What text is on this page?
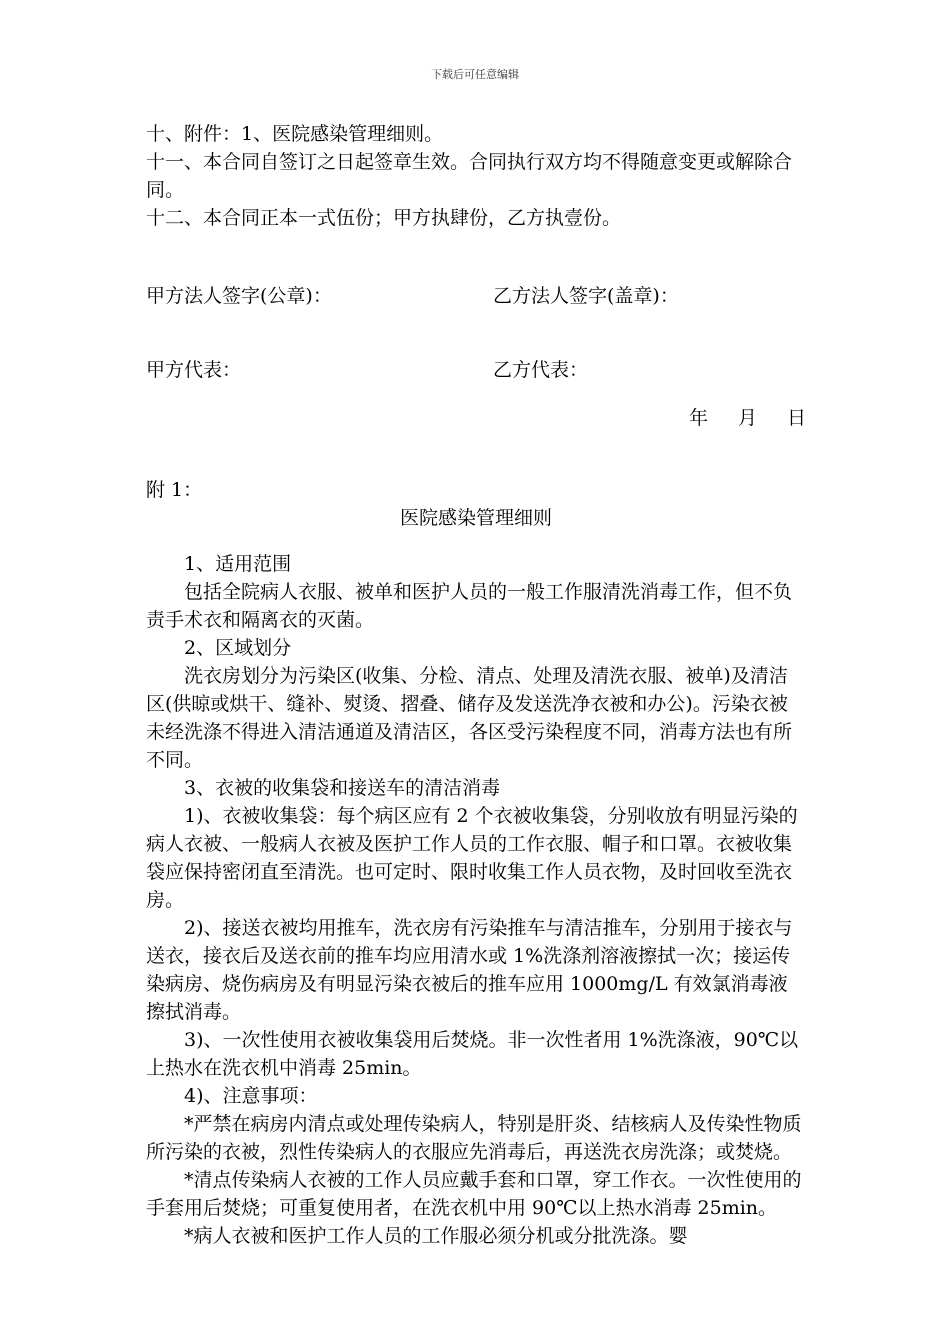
下载后可任意编辑
十、附件：1、医院感染管理细则。
十一、本合同自签订之日起签章生效。合同执行双方均不得随意变更或解除合同。
十二、本合同正本一式伍份；甲方执肆份，乙方执壹份。
甲方法人签字(公章)：	乙方法人签字(盖章)：
甲方代表：	乙方代表：
年 月 日
附 1：
医院感染管理细则
1、适用范围
包括全院病人衣服、被单和医护人员的一般工作服清洗消毒工作，但不负责手术衣和隔离衣的灭菌。
2、区域划分
洗衣房划分为污染区(收集、分检、清点、处理及清洗衣服、被单)及清洁区(供晾或烘干、缝补、熨烫、摺叠、储存及发送洗净衣被和办公)。污染衣被未经洗涤不得进入清洁通道及清洁区，各区受污染程度不同，消毒方法也有所不同。
3、衣被的收集袋和接送车的清洁消毒
1)、衣被收集袋：每个病区应有 2 个衣被收集袋，分别收放有明显污染的病人衣被、一般病人衣被及医护工作人员的工作衣服、帽子和口罩。衣被收集袋应保持密闭直至清洗。也可定时、限时收集工作人员衣物，及时回收至洗衣房。
2)、接送衣被均用推车，洗衣房有污染推车与清洁推车，分别用于接衣与送衣，接衣后及送衣前的推车均应用清水或 1%洗涤剂溶液擦拭一次；接运传染病房、烧伤病房及有明显污染衣被后的推车应用 1000mg/L 有效氯消毒液擦拭消毒。
3)、一次性使用衣被收集袋用后焚烧。非一次性者用 1%洗涤液，90℃以上热水在洗衣机中消毒 25min。
4)、注意事项：
*严禁在病房内清点或处理传染病人，特别是肝炎、结核病人及传染性物质所污染的衣被，烈性传染病人的衣服应先消毒后，再送洗衣房洗涤；或焚烧。
*清点传染病人衣被的工作人员应戴手套和口罩，穿工作衣。一次性使用的手套用后焚烧；可重复使用者，在洗衣机中用 90℃以上热水消毒 25min。
*病人衣被和医护工作人员的工作服必须分机或分批洗涤。婴
